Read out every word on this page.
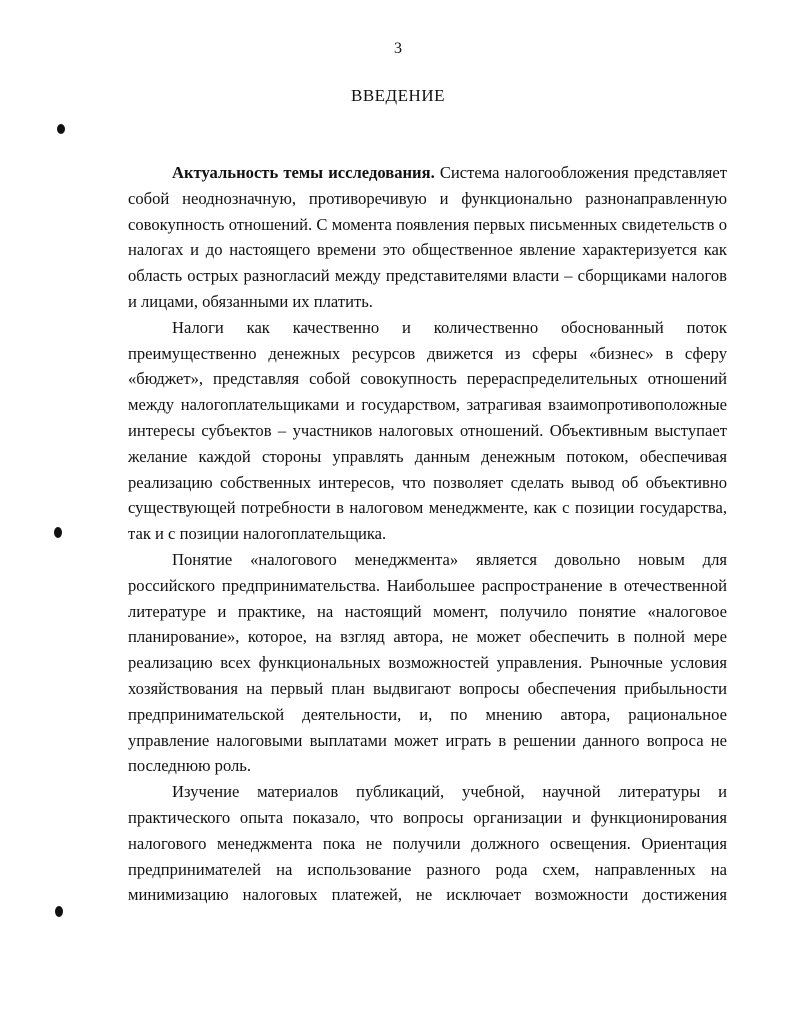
3
ВВЕДЕНИЕ

Актуальность темы исследования. Система налогообложения представляет собой неоднозначную, противоречивую и функционально разнонаправленную совокупность отношений. С момента появления первых письменных свидетельств о налогах и до настоящего времени это общественное явление характеризуется как область острых разногласий между представителями власти – сборщиками налогов и лицами, обязанными их платить.

Налоги как качественно и количественно обоснованный поток преимущественно денежных ресурсов движется из сферы «бизнес» в сферу «бюджет», представляя собой совокупность перераспределительных отношений между налогоплательщиками и государством, затрагивая взаимопротивоположные интересы субъектов – участников налоговых отношений. Объективным выступает желание каждой стороны управлять данным денежным потоком, обеспечивая реализацию собственных интересов, что позволяет сделать вывод об объективно существующей потребности в налоговом менеджменте, как с позиции государства, так и с позиции налогоплательщика.

Понятие «налогового менеджмента» является довольно новым для российского предпринимательства. Наибольшее распространение в отечественной литературе и практике, на настоящий момент, получило понятие «налоговое планирование», которое, на взгляд автора, не может обеспечить в полной мере реализацию всех функциональных возможностей управления. Рыночные условия хозяйствования на первый план выдвигают вопросы обеспечения прибыльности предпринимательской деятельности, и, по мнению автора, рациональное управление налоговыми выплатами может играть в решении данного вопроса не последнюю роль.

Изучение материалов публикаций, учебной, научной литературы и практического опыта показало, что вопросы организации и функционирования налогового менеджмента пока не получили должного освещения. Ориентация предпринимателей на использование разного рода схем, направленных на минимизацию налоговых платежей, не исключает возможности достижения
